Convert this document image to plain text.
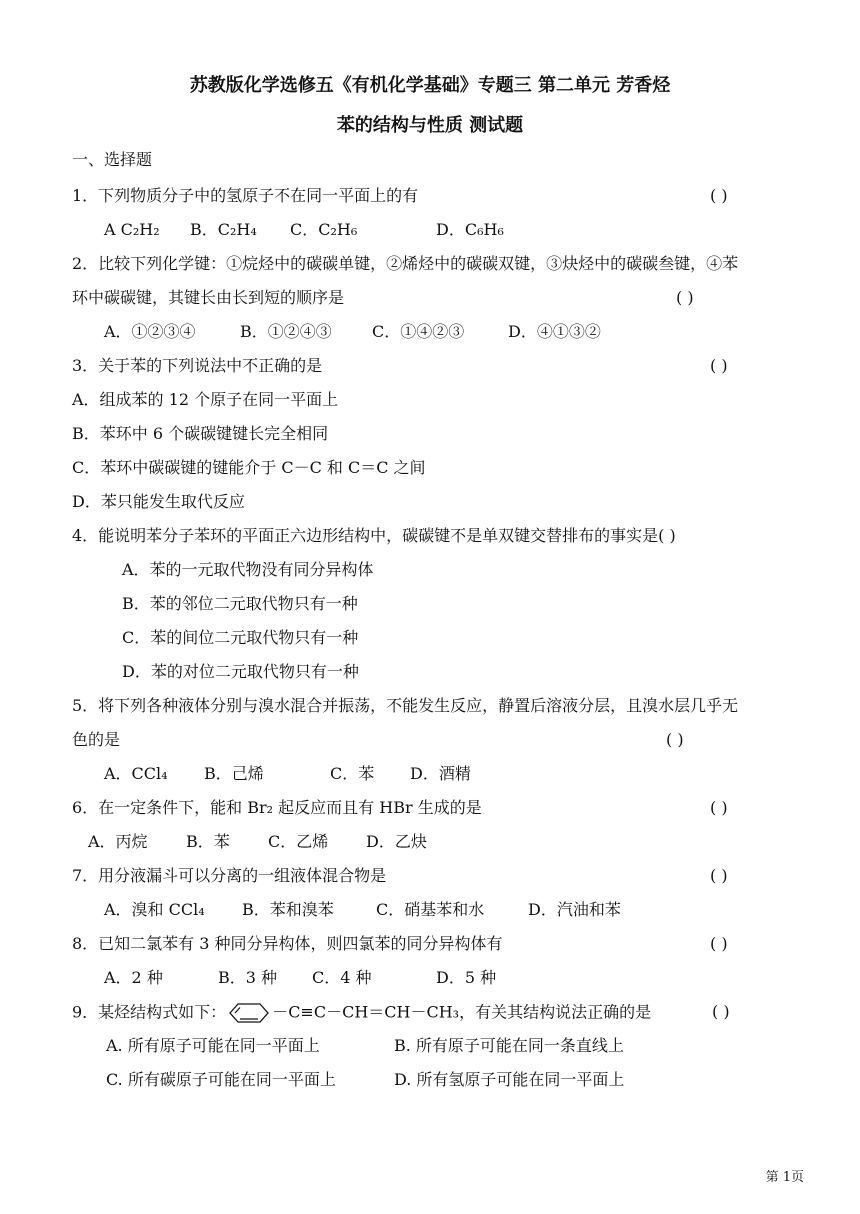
苏教版化学选修五《有机化学基础》专题三 第二单元 芳香烃
苯的结构与性质 测试题
一、选择题
1．下列物质分子中的氢原子不在同一平面上的有	( )
A C₂H₂ B．C₂H₄ C．C₂H₆	D．C₆H₆
2．比较下列化学键：①烷烃中的碳碳单键，②烯烃中的碳碳双键，③炔烃中的碳碳叁键，④苯
环中碳碳键，其键长由长到短的顺序是	( )
A．①②③④	B．①②④③	C．①④②③	D．④①③②
3．关于苯的下列说法中不正确的是	( )
A．组成苯的 12 个原子在同一平面上
B．苯环中 6 个碳碳键键长完全相同
C．苯环中碳碳键的键能介于 C－C 和 C＝C 之间
D．苯只能发生取代反应
4．能说明苯分子苯环的平面正六边形结构中，碳碳键不是单双键交替排布的事实是( )
A．苯的一元取代物没有同分异构体
B．苯的邻位二元取代物只有一种
C．苯的间位二元取代物只有一种
D．苯的对位二元取代物只有一种
5．将下列各种液体分别与溴水混合并振荡，不能发生反应，静置后溶液分层，且溴水层几乎无
色的是	( )
A．CCl₄ B．己烯	C．苯 D．酒精
6．在一定条件下，能和 Br₂ 起反应而且有 HBr 生成的是	( )
A．丙烷 B．苯 C．乙烯 D．乙炔
7．用分液漏斗可以分离的一组液体混合物是	( )
A．溴和 CCl₄ B．苯和溴苯	C．硝基苯和水	D．汽油和苯
8．已知二氯苯有 3 种同分异构体，则四氯苯的同分异构体有	( )
A．2 种	B．3 种 C．4 种	D．5 种
9．某烃结构式如下：	－C≡C－CH＝CH－CH₃，有关其结构说法正确的是	( )
A. 所有原子可能在同一平面上	B. 所有原子可能在同一条直线上
C. 所有碳原子可能在同一平面上	D. 所有氢原子可能在同一平面上
第 1页
